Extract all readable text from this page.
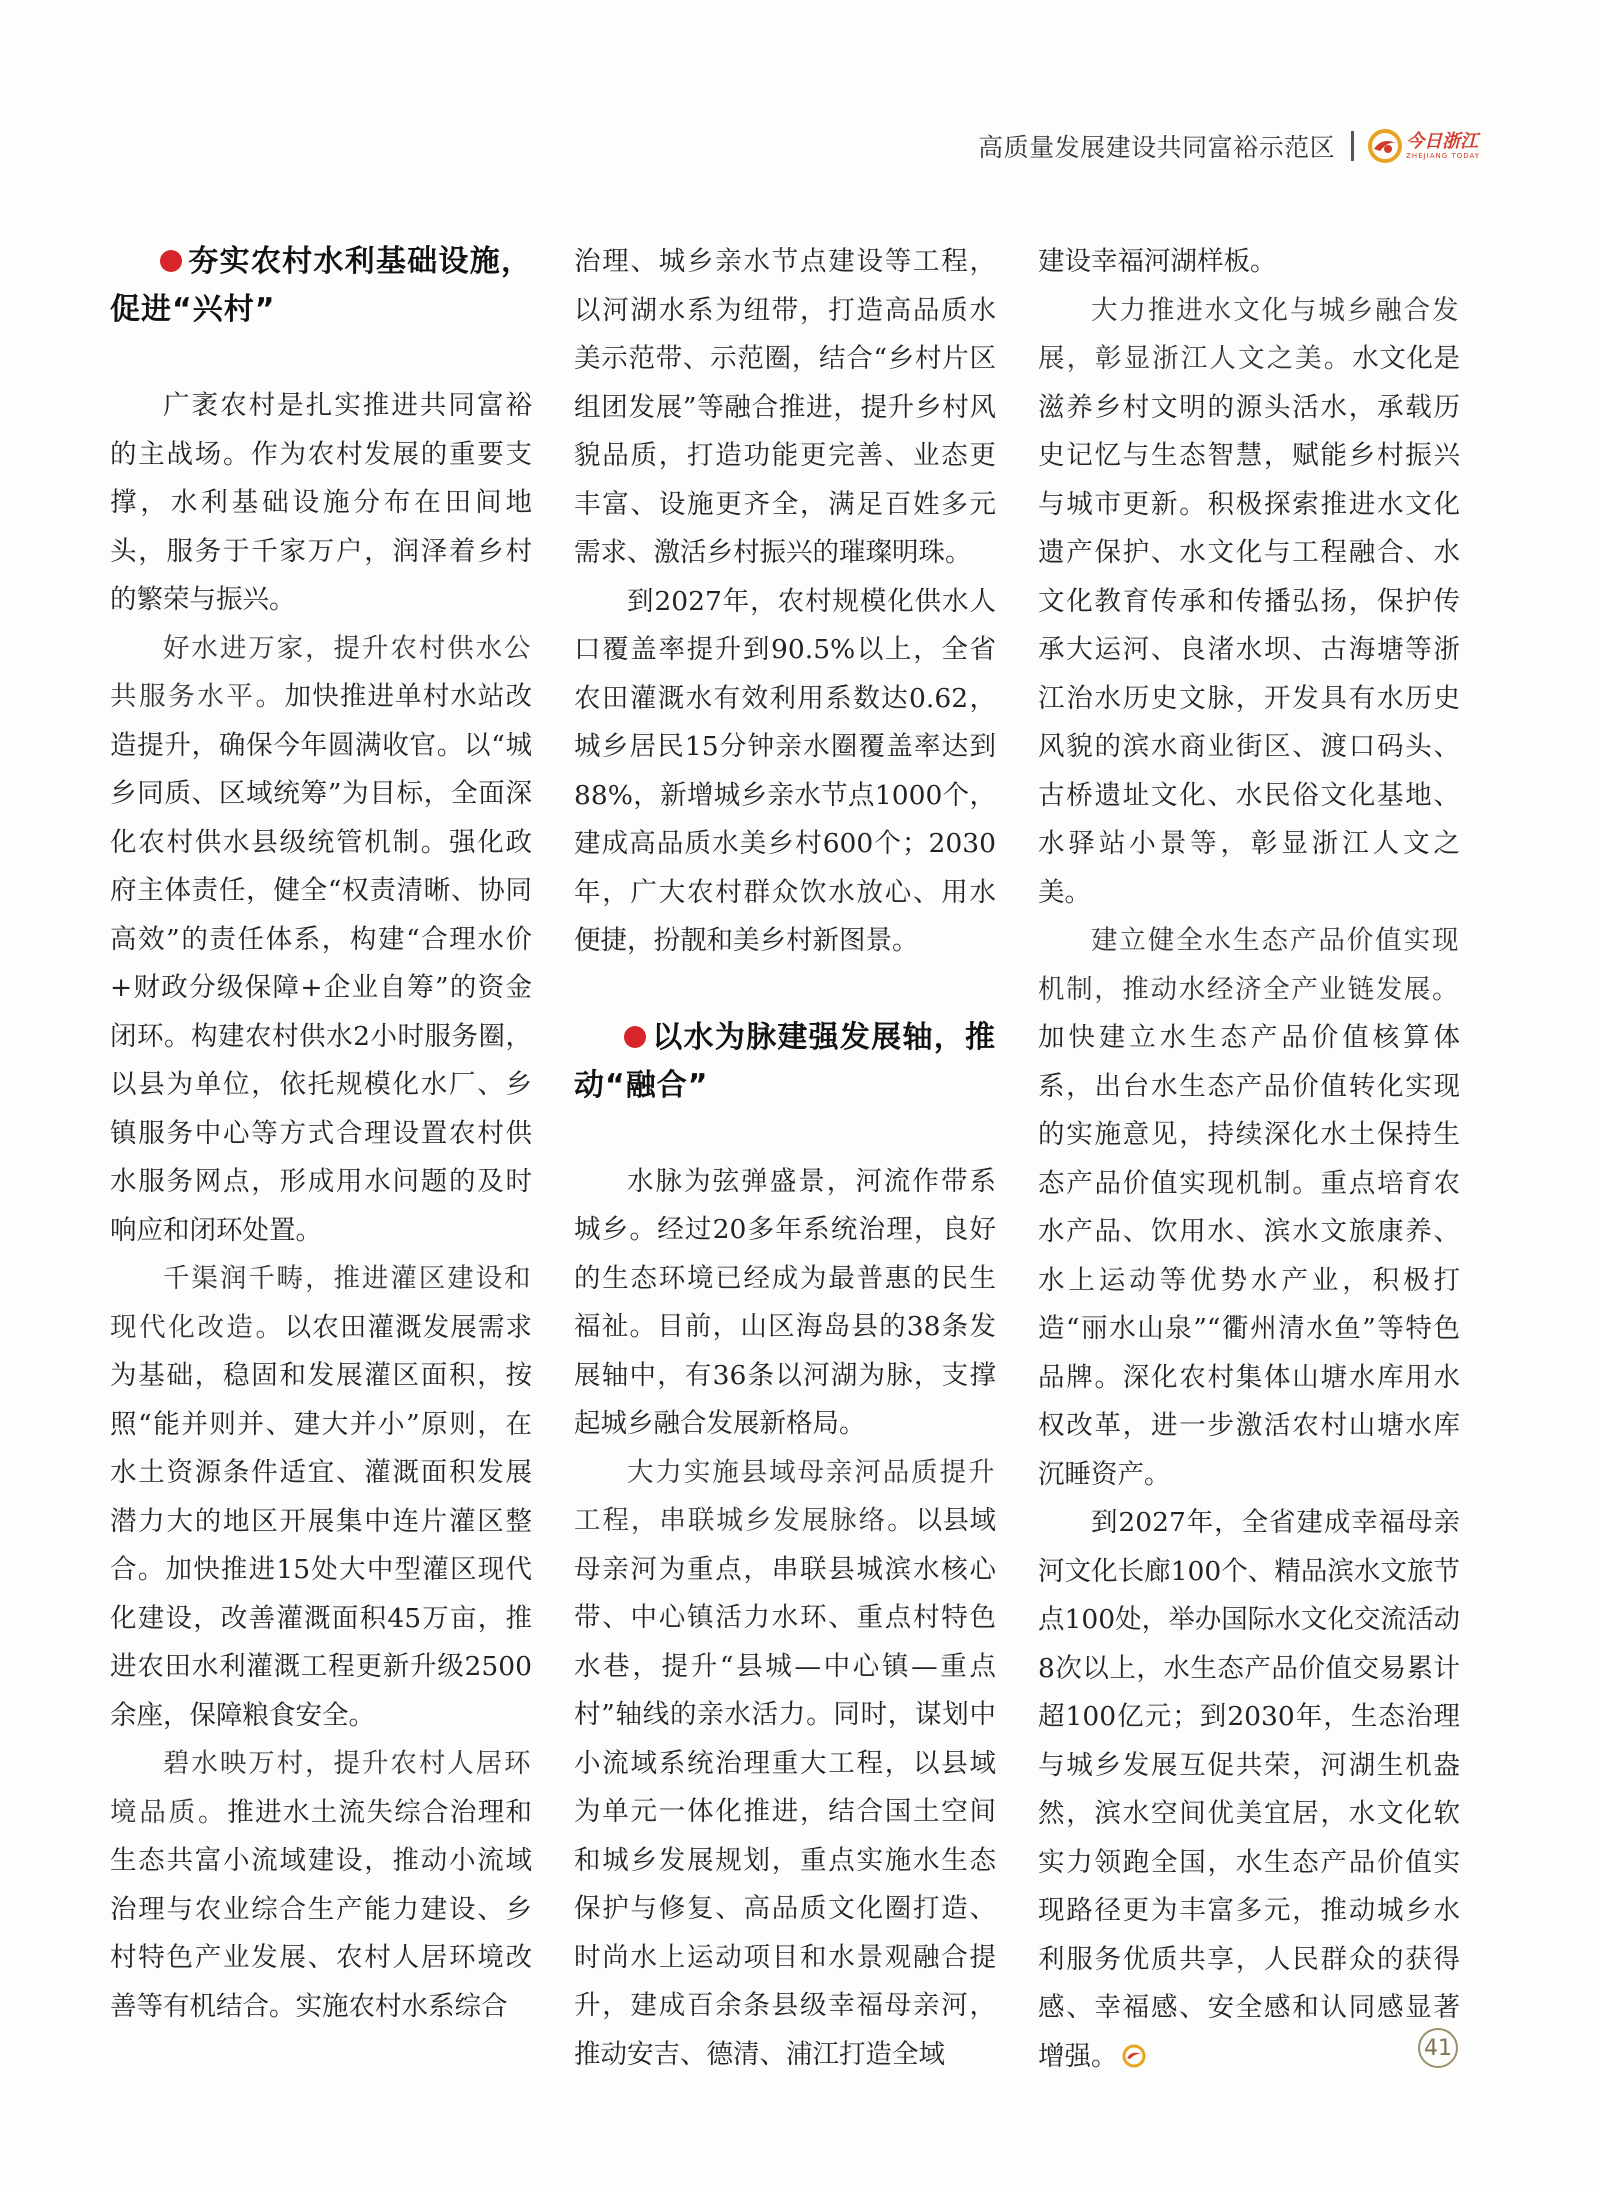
高质量发展建设共同富裕示范区	今日浙江
ZHEJIANG TODAY
夯实农村水利基础设施，促进“兴村”

广袤农村是扎实推进共同富裕的主战场。作为农村发展的重要支撑，水利基础设施分布在田间地头，服务于千家万户，润泽着乡村的繁荣与振兴。

好水进万家，提升农村供水公共服务水平。加快推进单村水站改造提升，确保今年圆满收官。以“城乡同质、区域统筹”为目标，全面深化农村供水县级统管机制。强化政府主体责任，健全“权责清晰、协同高效”的责任体系，构建“合理水价+财政分级保障+企业自筹”的资金闭环。构建农村供水2小时服务圈，以县为单位，依托规模化水厂、乡镇服务中心等方式合理设置农村供水服务网点，形成用水问题的及时响应和闭环处置。

千渠润千畴，推进灌区建设和现代化改造。以农田灌溉发展需求为基础，稳固和发展灌区面积，按照“能并则并、建大并小”原则，在水土资源条件适宜、灌溉面积发展潜力大的地区开展集中连片灌区整合。加快推进15处大中型灌区现代化建设，改善灌溉面积45万亩，推进农田水利灌溉工程更新升级2500余座，保障粮食安全。

碧水映万村，提升农村人居环境品质。推进水土流失综合治理和生态共富小流域建设，推动小流域治理与农业综合生产能力建设、乡村特色产业发展、农村人居环境改善等有机结合。实施农村水系综合

治理、城乡亲水节点建设等工程，以河湖水系为纽带，打造高品质水美示范带、示范圈，结合“乡村片区组团发展”等融合推进，提升乡村风貌品质，打造功能更完善、业态更丰富、设施更齐全，满足百姓多元需求、激活乡村振兴的璀璨明珠。

到2027年，农村规模化供水人口覆盖率提升到90.5%以上，全省农田灌溉水有效利用系数达0.62，城乡居民15分钟亲水圈覆盖率达到88%，新增城乡亲水节点1000个，建成高品质水美乡村600个；2030年，广大农村群众饮水放心、用水便捷，扮靓和美乡村新图景。

以水为脉建强发展轴，推动“融合”

水脉为弦弹盛景，河流作带系城乡。经过20多年系统治理，良好的生态环境已经成为最普惠的民生福祉。目前，山区海岛县的38条发展轴中，有36条以河湖为脉，支撑起城乡融合发展新格局。

大力实施县域母亲河品质提升工程，串联城乡发展脉络。以县域母亲河为重点，串联县城滨水核心带、中心镇活力水环、重点村特色水巷，提升“县城—中心镇—重点村”轴线的亲水活力。同时，谋划中小流域系统治理重大工程，以县域为单元一体化推进，结合国土空间和城乡发展规划，重点实施水生态保护与修复、高品质文化圈打造、时尚水上运动项目和水景观融合提升，建成百余条县级幸福母亲河，推动安吉、德清、浦江打造全域

建设幸福河湖样板。

大力推进水文化与城乡融合发展，彰显浙江人文之美。水文化是滋养乡村文明的源头活水，承载历史记忆与生态智慧，赋能乡村振兴与城市更新。积极探索推进水文化遗产保护、水文化与工程融合、水文化教育传承和传播弘扬，保护传承大运河、良渚水坝、古海塘等浙江治水历史文脉，开发具有水历史风貌的滨水商业街区、渡口码头、古桥遗址文化、水民俗文化基地、水驿站小景等，彰显浙江人文之美。

建立健全水生态产品价值实现机制，推动水经济全产业链发展。加快建立水生态产品价值核算体系，出台水生态产品价值转化实现的实施意见，持续深化水土保持生态产品价值实现机制。重点培育农水产品、饮用水、滨水文旅康养、水上运动等优势水产业，积极打造“丽水山泉”“衢州清水鱼”等特色品牌。深化农村集体山塘水库用水权改革，进一步激活农村山塘水库沉睡资产。

到2027年，全省建成幸福母亲河文化长廊100个、精品滨水文旅节点100处，举办国际水文化交流活动8次以上，水生态产品价值交易累计超100亿元；到2030年，生态治理与城乡发展互促共荣，河湖生机盎然，滨水空间优美宜居，水文化软实力领跑全国，水生态产品价值实现路径更为丰富多元，推动城乡水利服务优质共享，人民群众的获得感、幸福感、安全感和认同感显著增强。	41
